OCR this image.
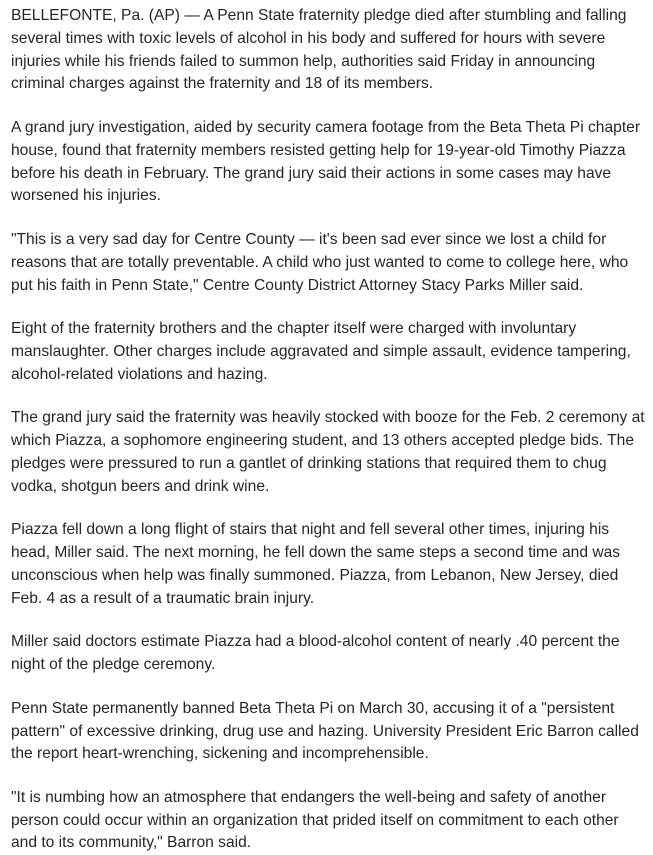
BELLEFONTE, Pa. (AP) — A Penn State fraternity pledge died after stumbling and falling several times with toxic levels of alcohol in his body and suffered for hours with severe injuries while his friends failed to summon help, authorities said Friday in announcing criminal charges against the fraternity and 18 of its members.

A grand jury investigation, aided by security camera footage from the Beta Theta Pi chapter house, found that fraternity members resisted getting help for 19-year-old Timothy Piazza before his death in February. The grand jury said their actions in some cases may have worsened his injuries.

"This is a very sad day for Centre County — it's been sad ever since we lost a child for reasons that are totally preventable. A child who just wanted to come to college here, who put his faith in Penn State," Centre County District Attorney Stacy Parks Miller said.

Eight of the fraternity brothers and the chapter itself were charged with involuntary manslaughter. Other charges include aggravated and simple assault, evidence tampering, alcohol-related violations and hazing.

The grand jury said the fraternity was heavily stocked with booze for the Feb. 2 ceremony at which Piazza, a sophomore engineering student, and 13 others accepted pledge bids. The pledges were pressured to run a gantlet of drinking stations that required them to chug vodka, shotgun beers and drink wine.

Piazza fell down a long flight of stairs that night and fell several other times, injuring his head, Miller said. The next morning, he fell down the same steps a second time and was unconscious when help was finally summoned. Piazza, from Lebanon, New Jersey, died Feb. 4 as a result of a traumatic brain injury.

Miller said doctors estimate Piazza had a blood-alcohol content of nearly .40 percent the night of the pledge ceremony.

Penn State permanently banned Beta Theta Pi on March 30, accusing it of a "persistent pattern" of excessive drinking, drug use and hazing. University President Eric Barron called the report heart-wrenching, sickening and incomprehensible.

"It is numbing how an atmosphere that endangers the well-being and safety of another person could occur within an organization that prided itself on commitment to each other and to its community," Barron said.
